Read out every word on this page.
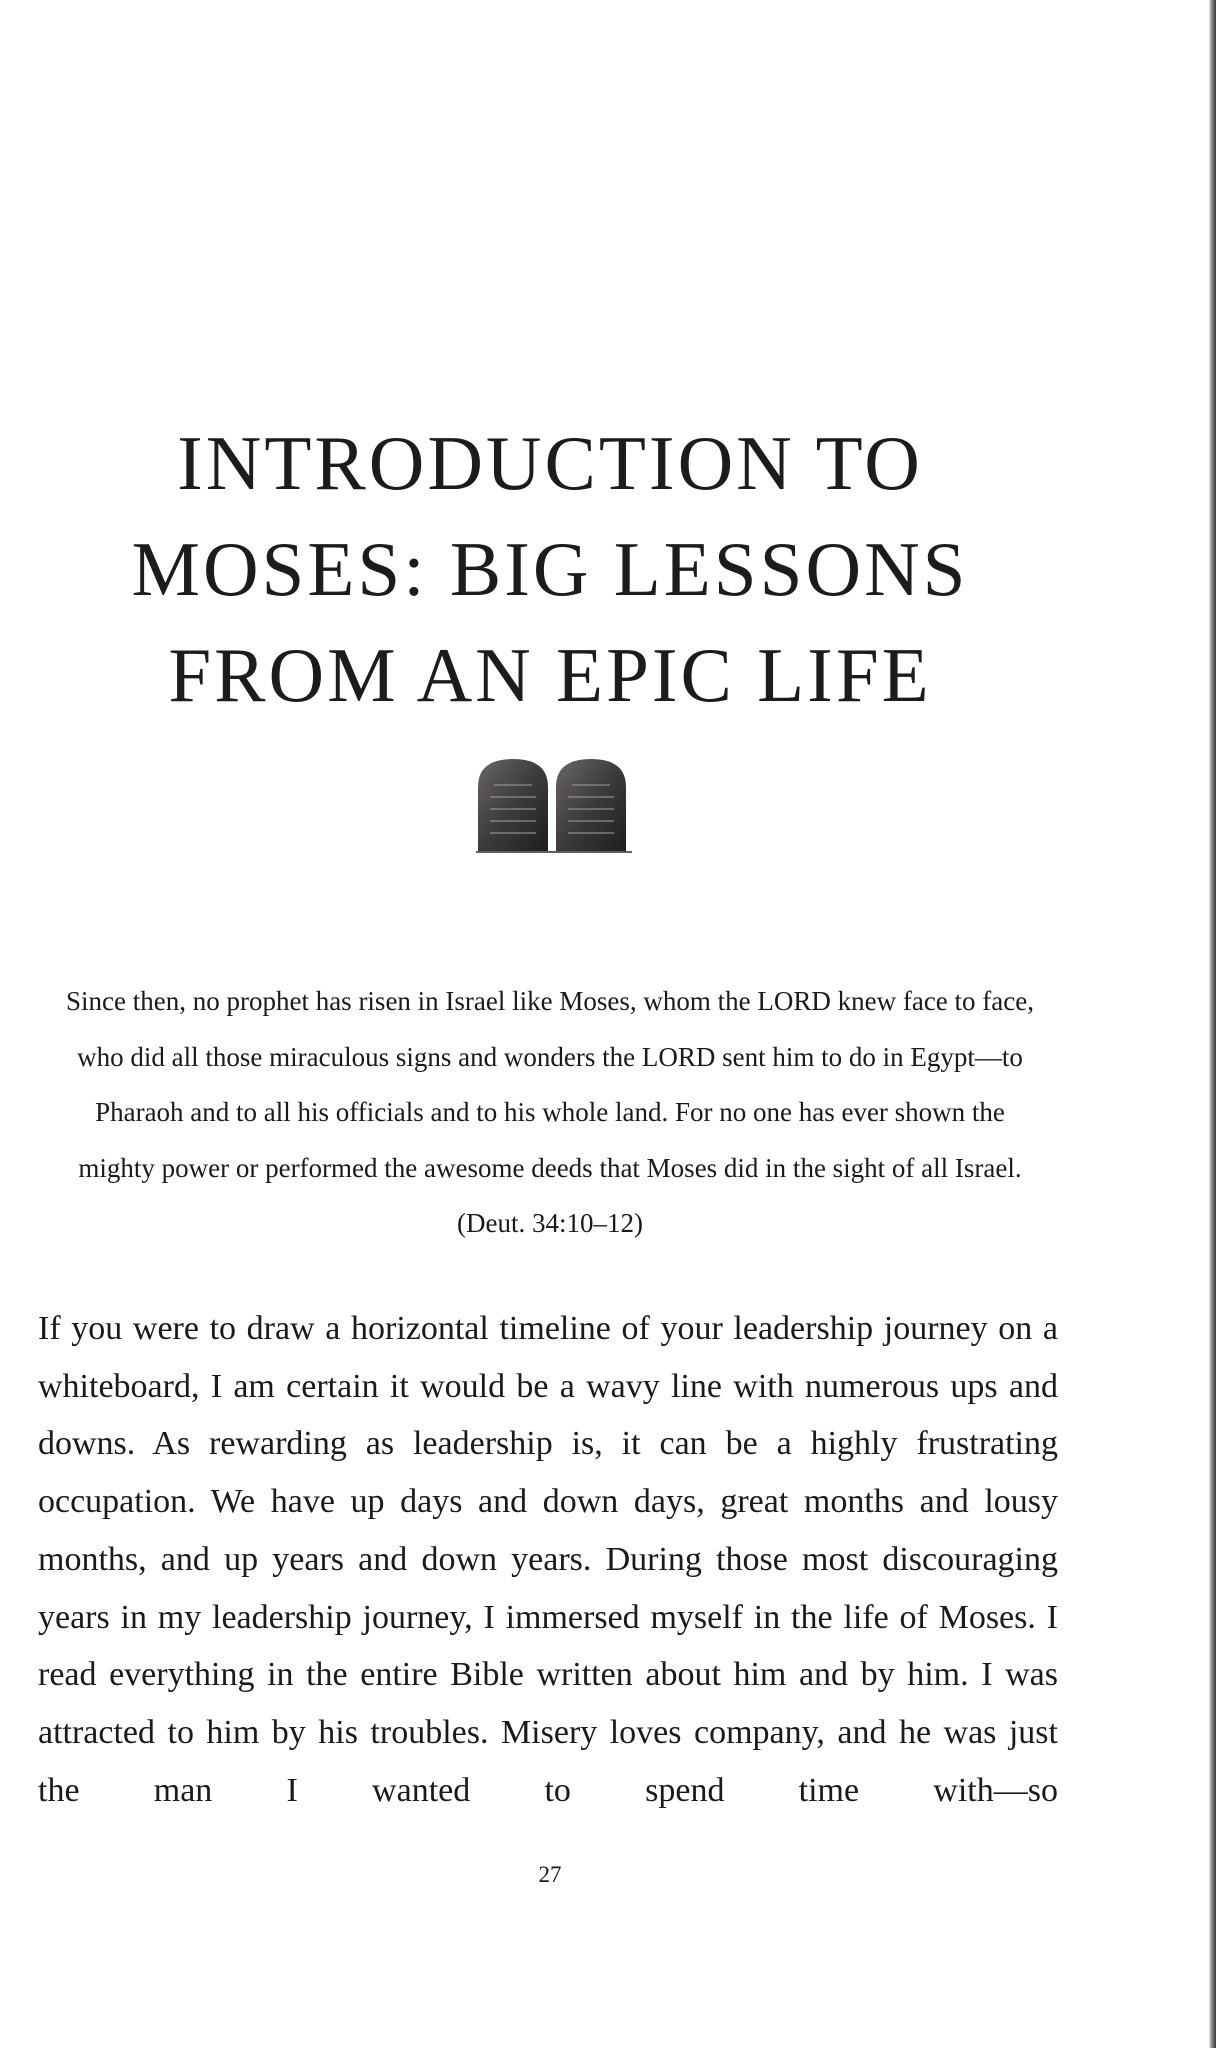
INTRODUCTION TO
MOSES: BIG LESSONS
FROM AN EPIC LIFE

Since then, no prophet has risen in Israel like Moses, whom the LORD knew face to face, who did all those miraculous signs and wonders the LORD sent him to do in Egypt—to Pharaoh and to all his officials and to his whole land. For no one has ever shown the mighty power or performed the awesome deeds that Moses did in the sight of all Israel. (Deut. 34:10–12)

If you were to draw a horizontal timeline of your leadership journey on a whiteboard, I am certain it would be a wavy line with numerous ups and downs. As rewarding as leadership is, it can be a highly frustrating occupation. We have up days and down days, great months and lousy months, and up years and down years. During those most discouraging years in my leadership journey, I immersed myself in the life of Moses. I read everything in the entire Bible written about him and by him. I was attracted to him by his troubles. Misery loves company, and he was just the man I wanted to spend time with—so

27
